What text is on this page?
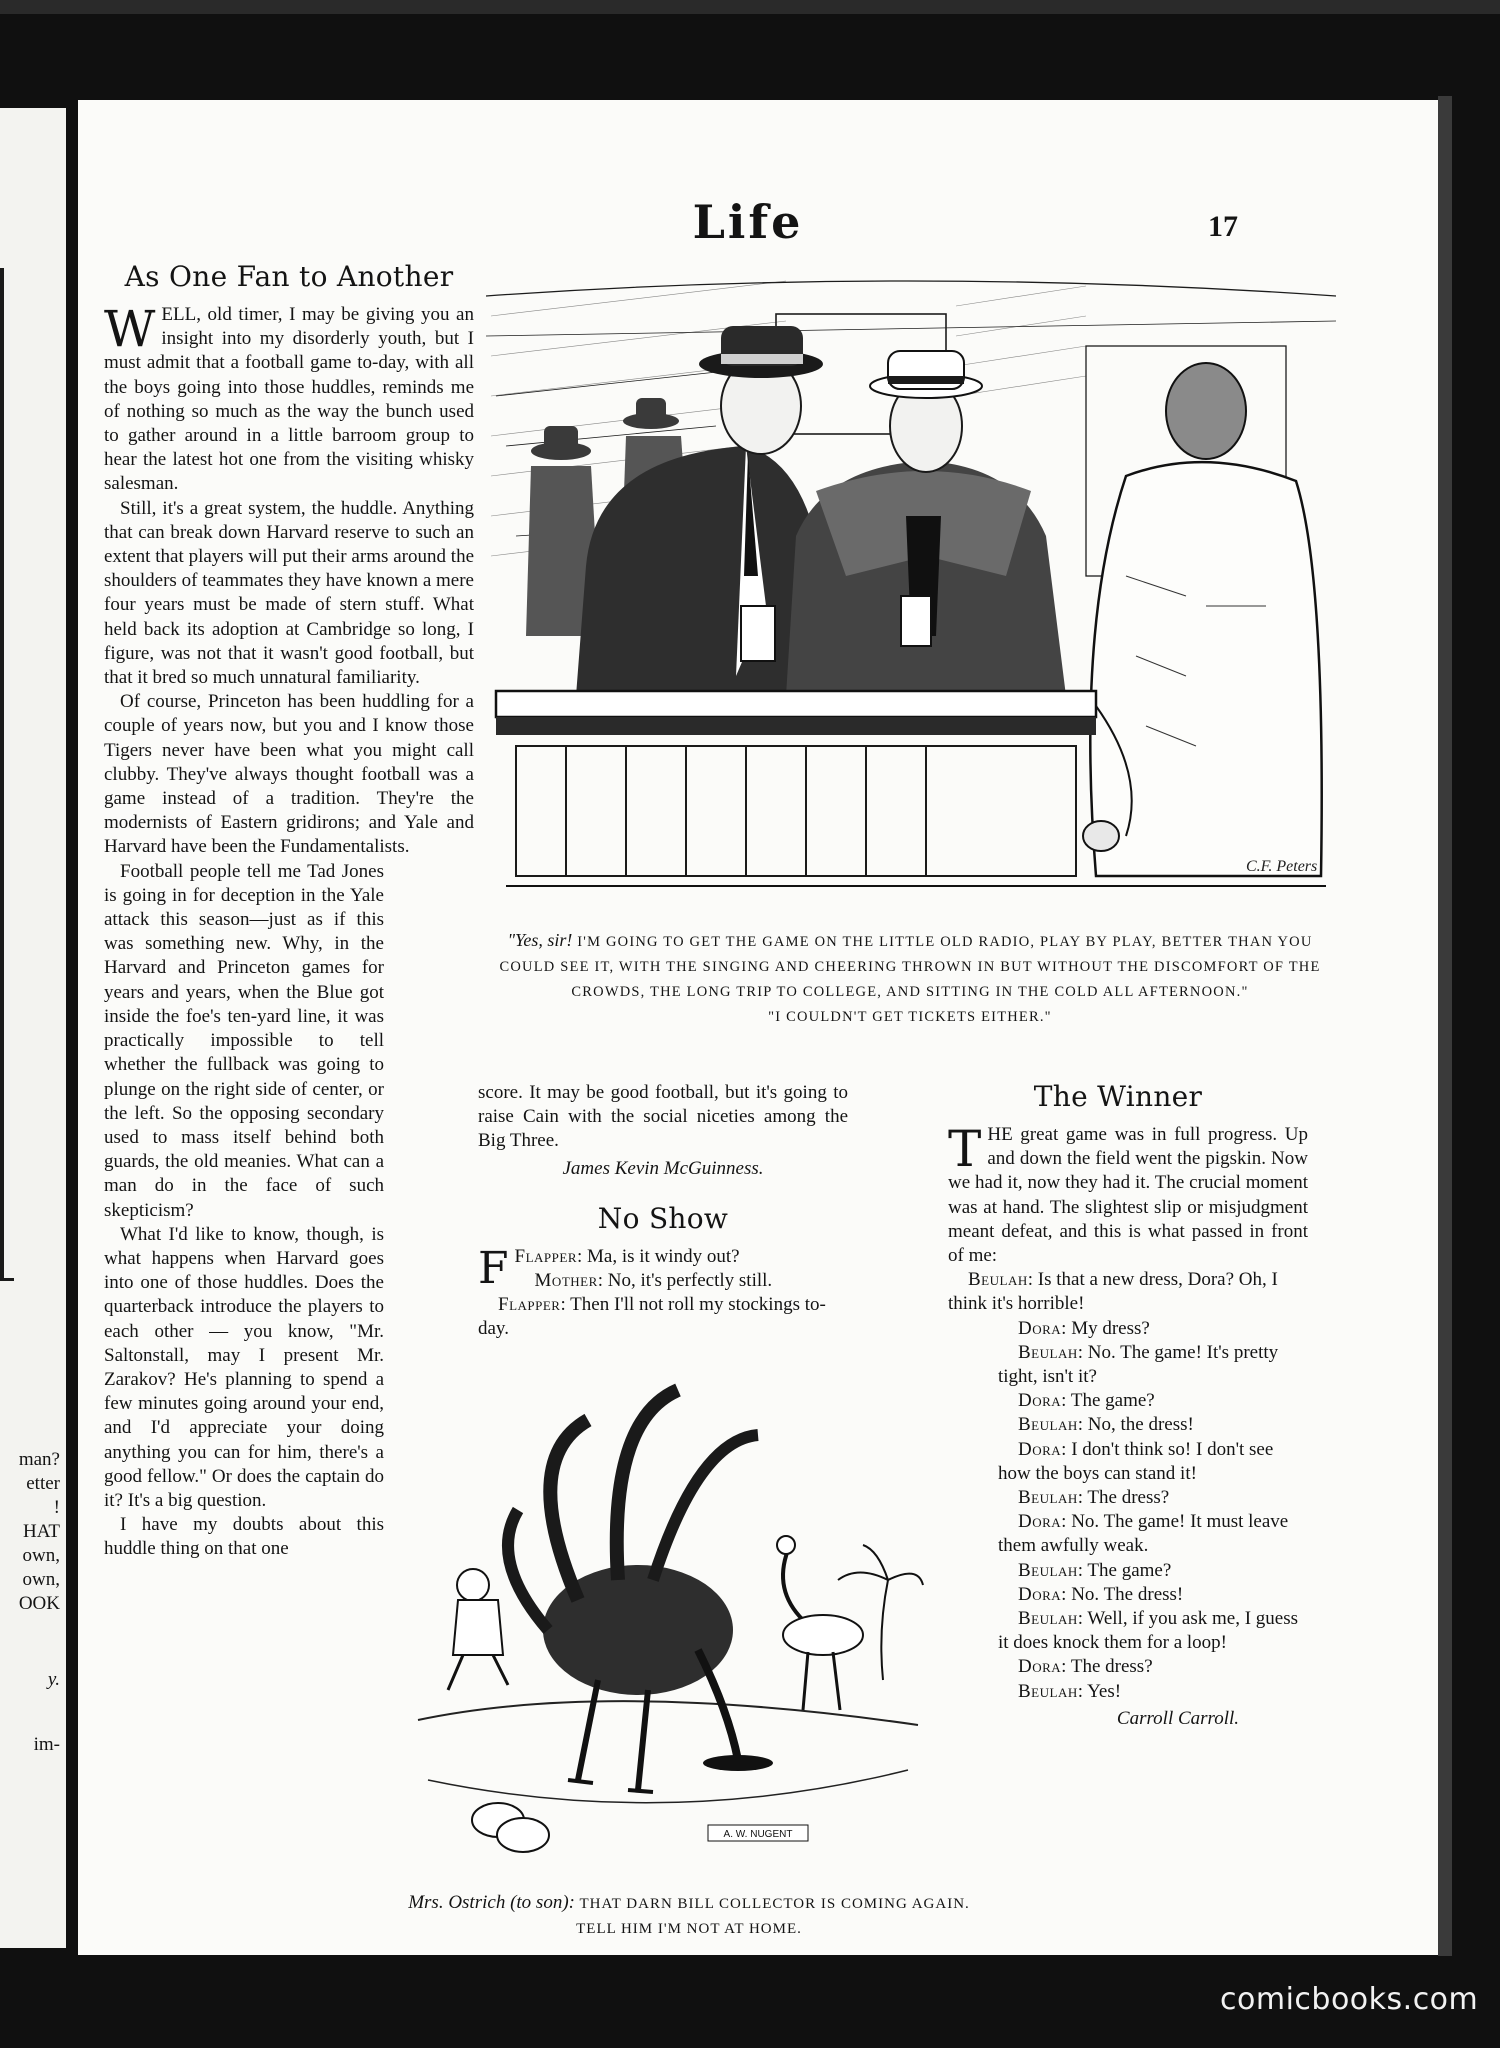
man?
etter
!
HAT
own,
own,
OOK
y.
im-
Life	17
As One Fan to Another

WELL, old timer, I may be giving you an insight into my disorderly youth, but I must admit that a football game to-day, with all the boys going into those huddles, reminds me of nothing so much as the way the bunch used to gather around in a little barroom group to hear the latest hot one from the visiting whisky salesman.

Still, it's a great system, the huddle. Anything that can break down Harvard reserve to such an extent that players will put their arms around the shoulders of teammates they have known a mere four years must be made of stern stuff. What held back its adoption at Cambridge so long, I figure, was not that it wasn't good football, but that it bred so much unnatural familiarity.

Of course, Princeton has been huddling for a couple of years now, but you and I know those Tigers never have been what you might call clubby. They've always thought football was a game instead of a tradition. They're the modernists of Eastern gridirons; and Yale and Harvard have been the Fundamentalists.

Football people tell me Tad Jones is going in for deception in the Yale attack this season—just as if this was something new. Why, in the Harvard and Princeton games for years and years, when the Blue got inside the foe's ten-yard line, it was practically impossible to tell whether the fullback was going to plunge on the right side of center, or the left. So the opposing secondary used to mass itself behind both guards, the old meanies. What can a man do in the face of such skepticism?

What I'd like to know, though, is what happens when Harvard goes into one of those huddles. Does the quarterback introduce the players to each other — you know, "Mr. Saltonstall, may I present Mr. Zarakov? He's planning to spend a few minutes going around your end, and I'd appreciate your doing anything you can for him, there's a good fellow." Or does the captain do it? It's a big question.

I have my doubts about this huddle thing on that one

C.F. Peters
"Yes, sir! I'M GOING TO GET THE GAME ON THE LITTLE OLD RADIO, PLAY BY PLAY, BETTER THAN YOU COULD SEE IT, WITH THE SINGING AND CHEERING THROWN IN BUT WITHOUT THE DISCOMFORT OF THE CROWDS, THE LONG TRIP TO COLLEGE, AND SITTING IN THE COLD ALL AFTERNOON."
"I COULDN'T GET TICKETS EITHER."

score. It may be good football, but it's going to raise Cain with the social niceties among the Big Three.

James Kevin McGuinness.

No Show

F Flapper: Ma, is it windy out?

Mother: No, it's perfectly still.

Flapper: Then I'll not roll my stockings to-day.

A. W. NUGENT
Mrs. Ostrich (to son): THAT DARN BILL COLLECTOR IS COMING AGAIN. TELL HIM I'M NOT AT HOME.
The Winner

THE great game was in full progress. Up and down the field went the pigskin. Now we had it, now they had it. The crucial moment was at hand. The slightest slip or misjudgment meant defeat, and this is what passed in front of me:

Beulah: Is that a new dress, Dora? Oh, I think it's horrible!

Dora: My dress?

Beulah: No. The game! It's pretty tight, isn't it?

Dora: The game?

Beulah: No, the dress!

Dora: I don't think so! I don't see how the boys can stand it!

Beulah: The dress?

Dora: No. The game! It must leave them awfully weak.

Beulah: The game?

Dora: No. The dress!

Beulah: Well, if you ask me, I guess it does knock them for a loop!

Dora: The dress?

Beulah: Yes!

Carroll Carroll.

comicbooks.com
